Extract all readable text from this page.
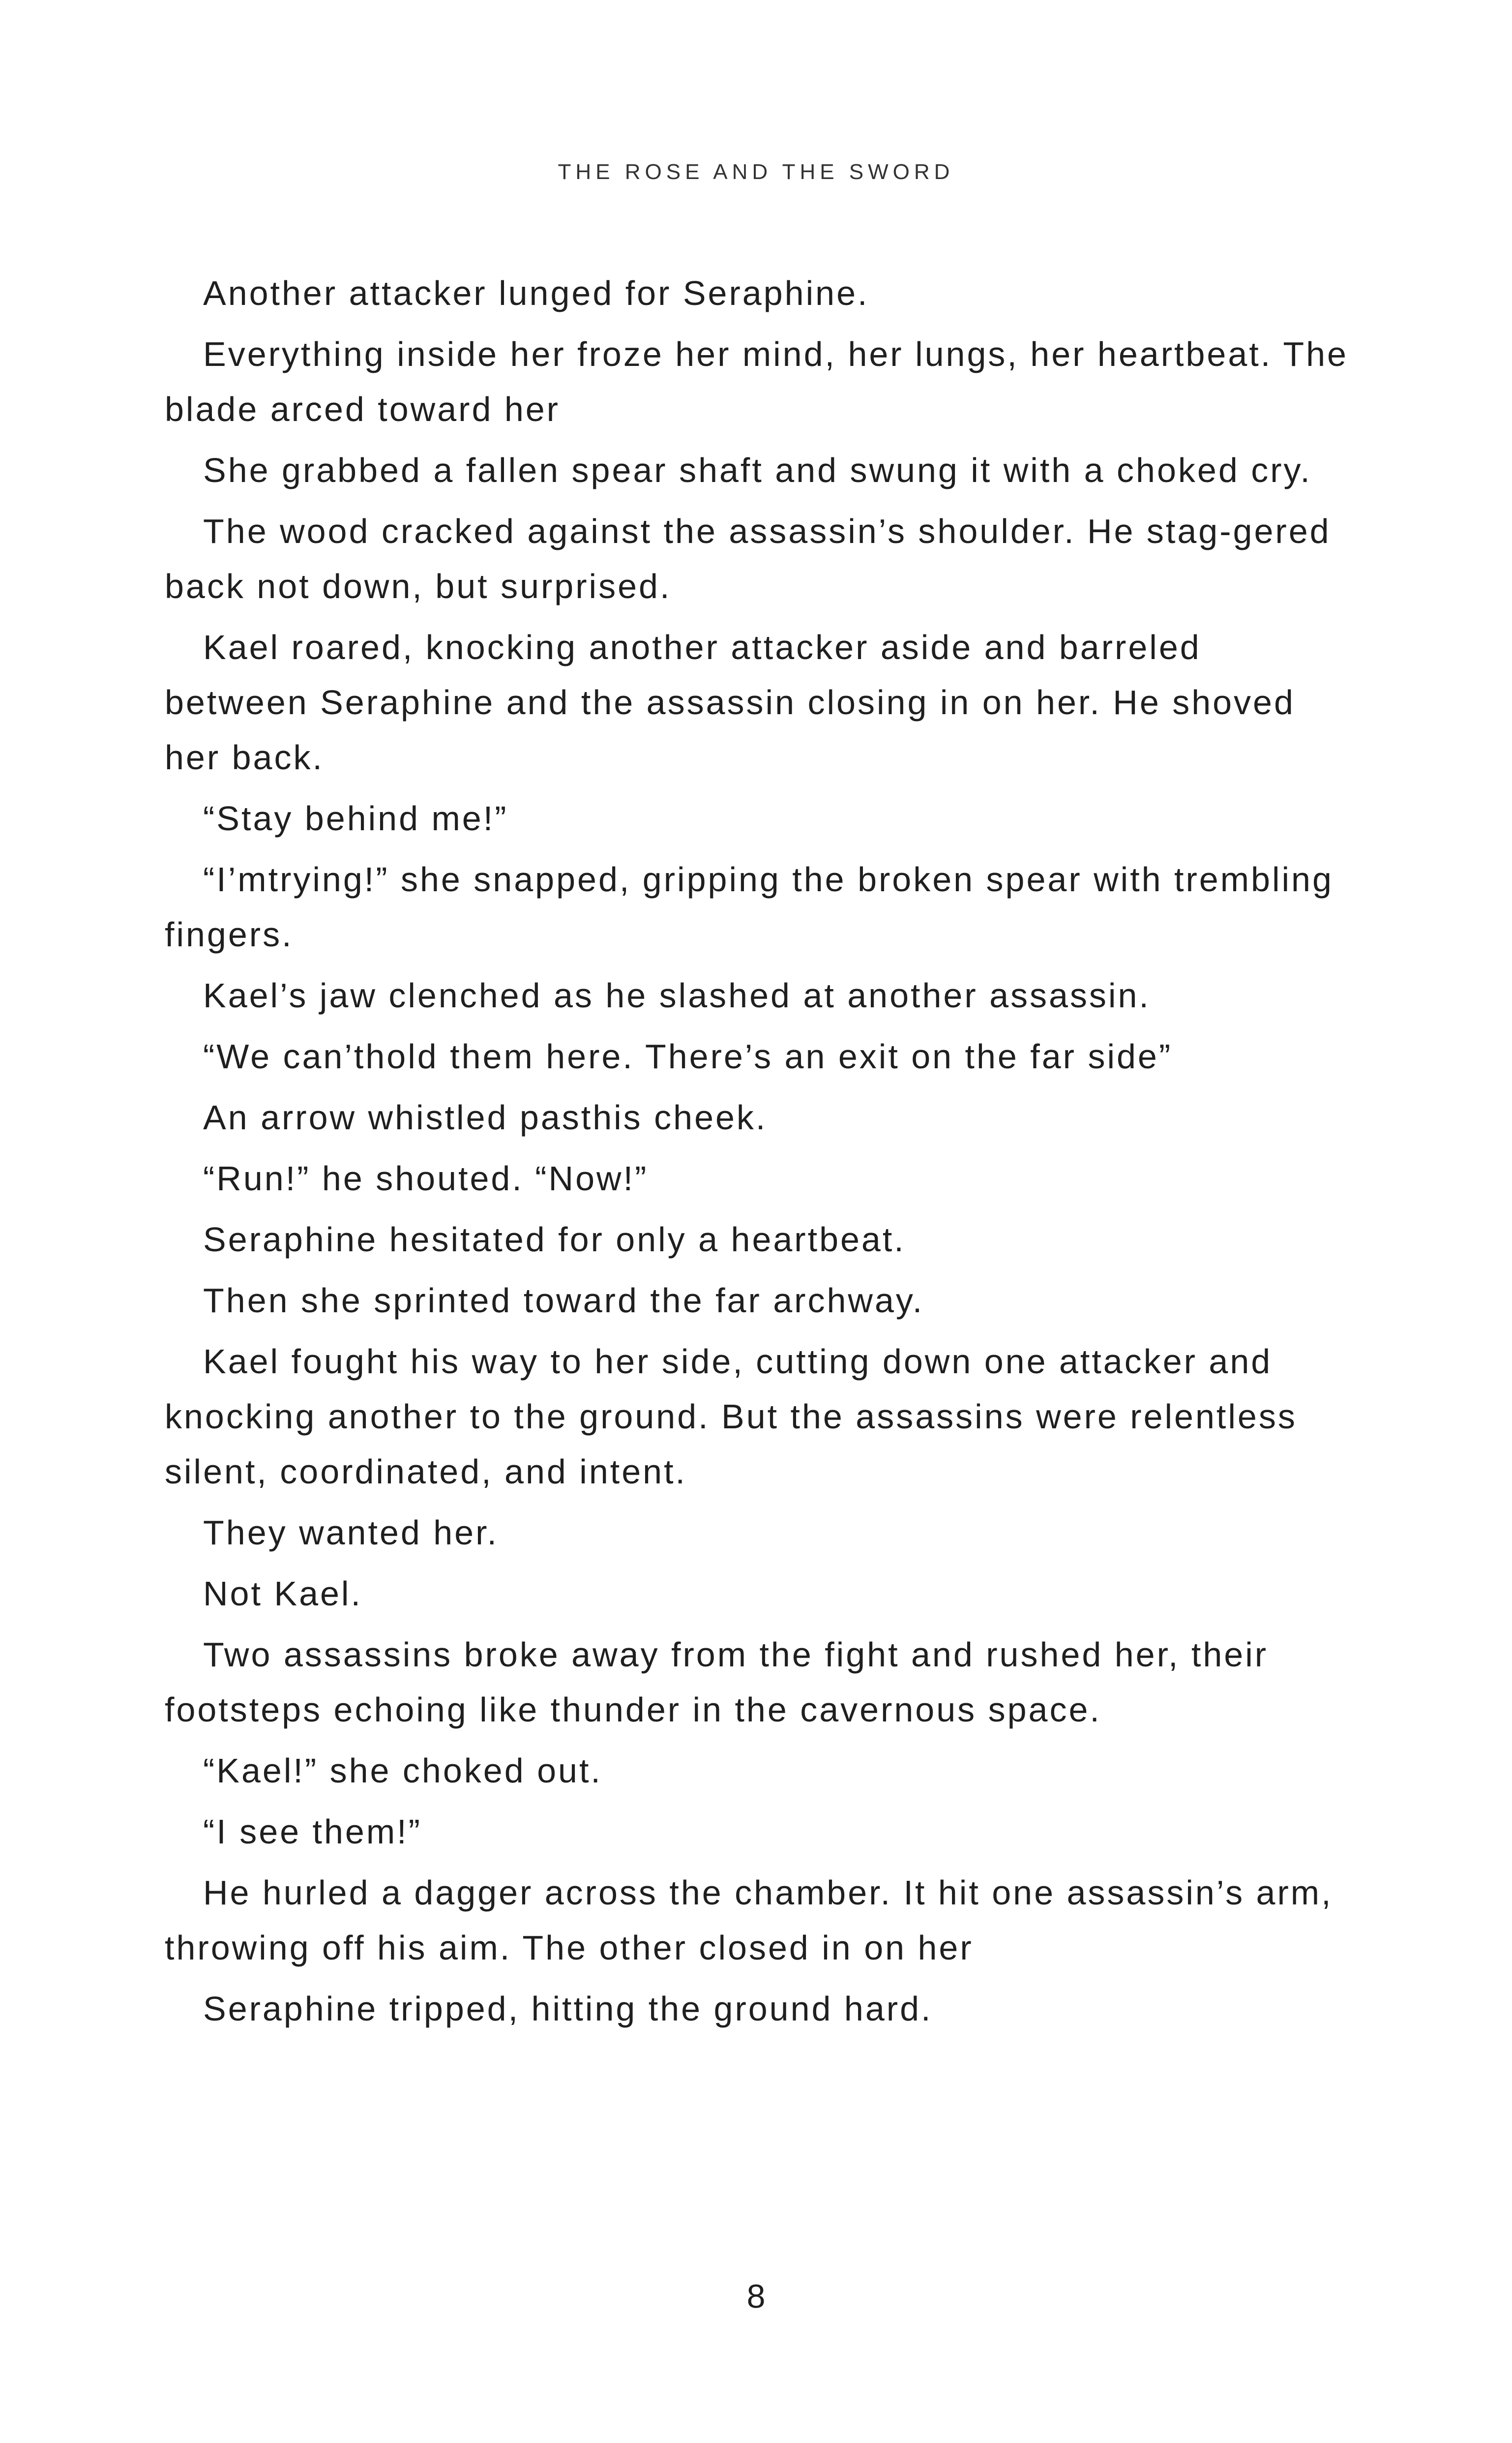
THE ROSE AND THE SWORD

Another attacker lunged for Seraphine.

Everything inside her froze her mind, her lungs, her heartbeat. The blade arced toward her

She grabbed a fallen spear shaft and swung it with a choked cry.

The wood cracked against the assassin’s shoulder. He stag-gered back not down, but surprised.

Kael roared, knocking another attacker aside and barreled between Seraphine and the assassin closing in on her. He shoved her back.

“Stay behind me!”

“I’mtrying!” she snapped, gripping the broken spear with trembling fingers.

Kael’s jaw clenched as he slashed at another assassin.

“We can’thold them here. There’s an exit on the far side”

An arrow whistled pasthis cheek.

“Run!” he shouted. “Now!”

Seraphine hesitated for only a heartbeat.

Then she sprinted toward the far archway.

Kael fought his way to her side, cutting down one attacker and knocking another to the ground. But the assassins were relentless silent, coordinated, and intent.

They wanted her.

Not Kael.

Two assassins broke away from the fight and rushed her, their footsteps echoing like thunder in the cavernous space.

“Kael!” she choked out.

“I see them!”

He hurled a dagger across the chamber. It hit one assassin’s arm, throwing off his aim. The other closed in on her

Seraphine tripped, hitting the ground hard.

8
